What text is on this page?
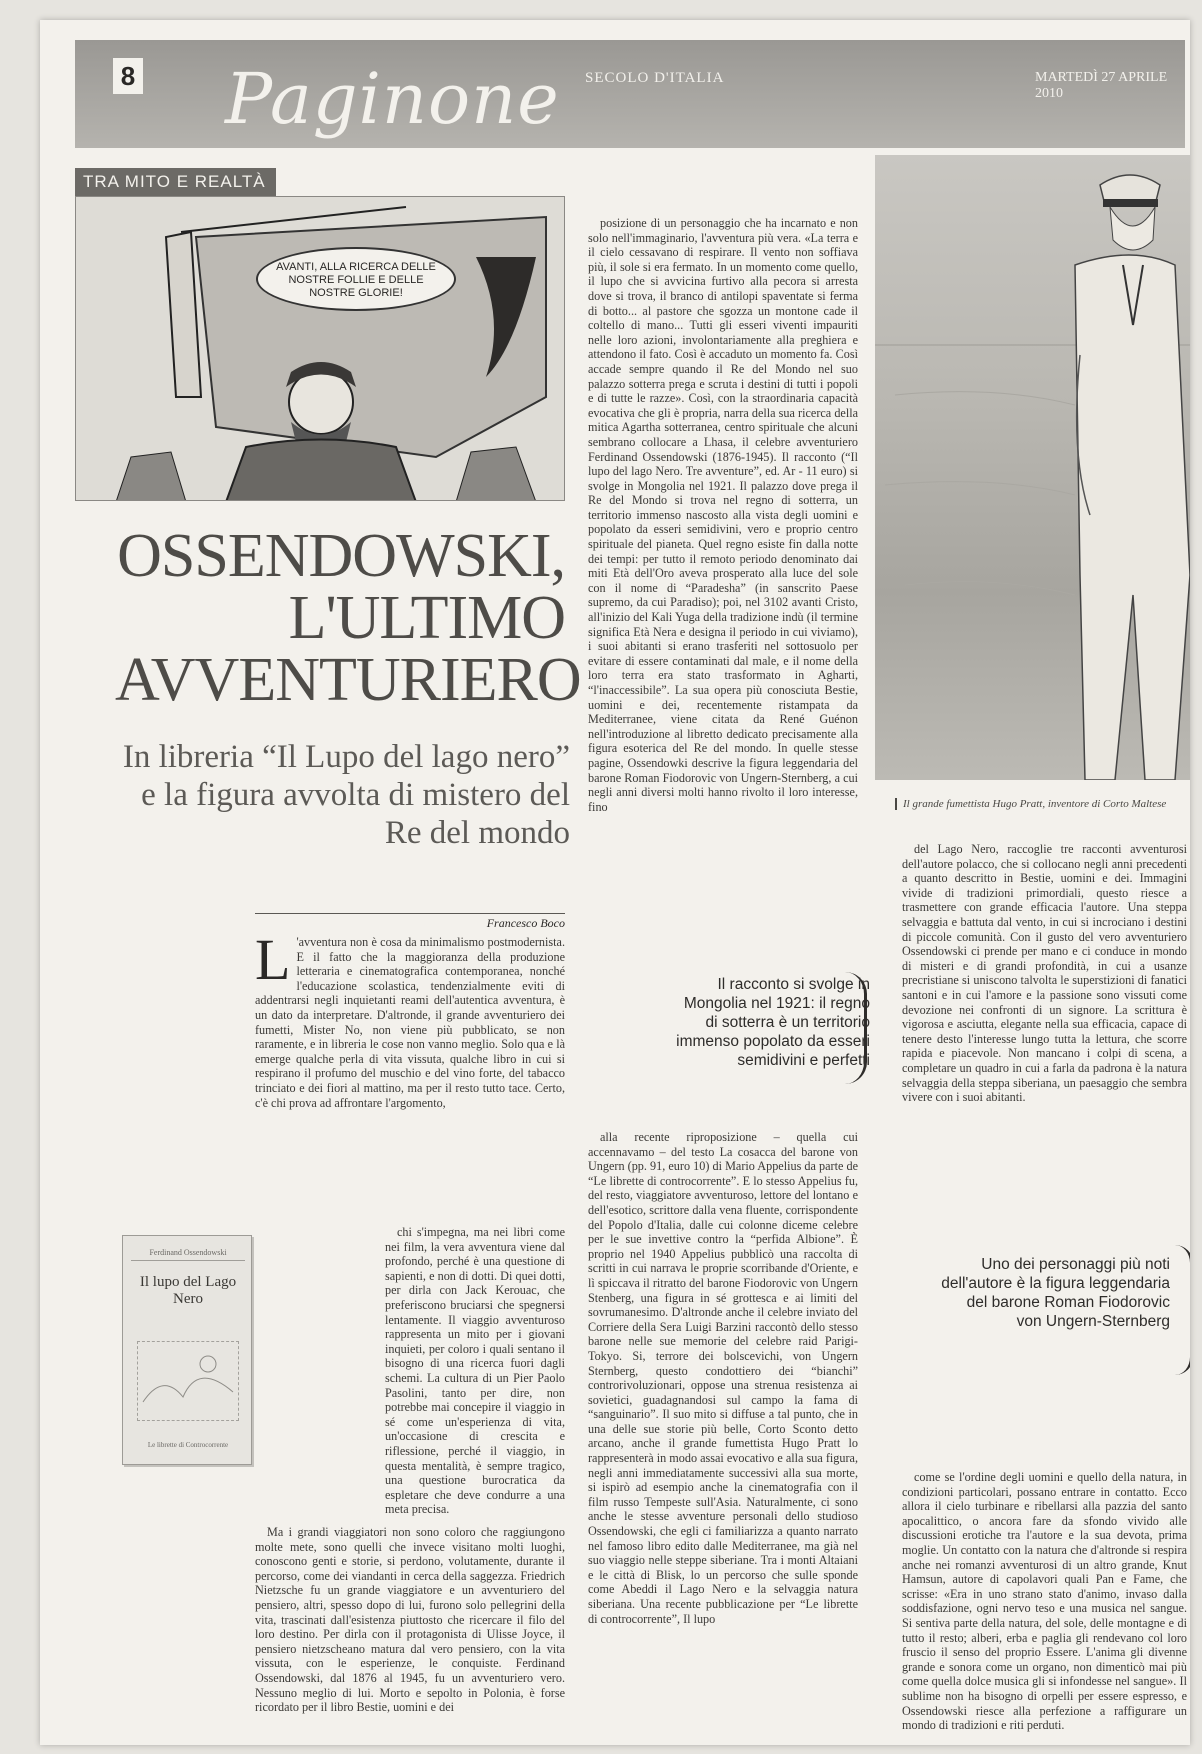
8 Paginone SECOLO D'ITALIA	MARTEDÌ 27 APRILE 2010
AVANTI, ALLA RICERCA DELLE NOSTRE FOLLIE E DELLE NOSTRE GLORIE!
TRA MITO E REALTÀ
Il grande fumettista Hugo Pratt, inventore di Corto Maltese
OSSENDOWSKI,
L'ULTIMO
AVVENTURIERO
In libreria “Il Lupo del lago nero” e la figura avvolta di mistero del Re del mondo
Francesco Boco
L 'avventura non è cosa da minimalismo postmodernista. E il fatto che la maggioranza della produzione letteraria e cinematografica contemporanea, nonché l'educazione scolastica, tendenzialmente eviti di addentrarsi negli inquietanti reami dell'autentica avventura, è un dato da interpretare. D'altronde, il grande avventuriero dei fumetti, Mister No, non viene più pubblicato, se non raramente, e in libreria le cose non vanno meglio. Solo qua e là emerge qualche perla di vita vissuta, qualche libro in cui si respirano il profumo del muschio e del vino forte, del tabacco trinciato e dei fiori al mattino, ma per il resto tutto tace. Certo, c'è chi prova ad affrontare l'argomento,
Ferdinand Ossendowski
Il lupo del Lago Nero
Le librette di Controcorrente

chi s'impegna, ma nei libri come nei film, la vera avventura viene dal profondo, perché è una questione di sapienti, e non di dotti. Di quei dotti, per dirla con Jack Kerouac, che preferiscono bruciarsi che spegnersi lentamente. Il viaggio avventuroso rappresenta un mito per i giovani inquieti, per coloro i quali sentano il bisogno di una ricerca fuori dagli schemi. La cultura di un Pier Paolo Pasolini, tanto per dire, non potrebbe mai concepire il viaggio in sé come un'esperienza di vita, un'occasione di crescita e riflessione, perché il viaggio, in questa mentalità, è sempre tragico, una questione burocratica da espletare che deve condurre a una meta precisa.

Ma i grandi viaggiatori non sono coloro che raggiungono molte mete, sono quelli che invece visitano molti luoghi, conoscono genti e storie, si perdono, volutamente, durante il percorso, come dei viandanti in cerca della saggezza. Friedrich Nietzsche fu un grande viaggiatore e un avventuriero del pensiero, altri, spesso dopo di lui, furono solo pellegrini della vita, trascinati dall'esistenza piuttosto che ricercare il filo del loro destino. Per dirla con il protagonista di Ulisse Joyce, il pensiero nietzscheano matura dal vero pensiero, con la vita vissuta, con le esperienze, le conquiste. Ferdinand Ossendowski, dal 1876 al 1945, fu un avventuriero vero. Nessuno meglio di lui. Morto e sepolto in Polonia, è forse ricordato per il libro Bestie, uomini e dei

posizione di un personaggio che ha incarnato e non solo nell'immaginario, l'avventura più vera. «La terra e il cielo cessavano di respirare. Il vento non soffiava più, il sole si era fermato. In un momento come quello, il lupo che si avvicina furtivo alla pecora si arresta dove si trova, il branco di antilopi spaventate si ferma di botto... al pastore che sgozza un montone cade il coltello di mano... Tutti gli esseri viventi impauriti nelle loro azioni, involontariamente alla preghiera e attendono il fato. Così è accaduto un momento fa. Così accade sempre quando il Re del Mondo nel suo palazzo sotterra prega e scruta i destini di tutti i popoli e di tutte le razze». Così, con la straordinaria capacità evocativa che gli è propria, narra della sua ricerca della mitica Agartha sotterranea, centro spirituale che alcuni sembrano collocare a Lhasa, il celebre avventuriero Ferdinand Ossendowski (1876-1945). Il racconto (“Il lupo del lago Nero. Tre avventure”, ed. Ar - 11 euro) si svolge in Mongolia nel 1921. Il palazzo dove prega il Re del Mondo si trova nel regno di sotterra, un territorio immenso nascosto alla vista degli uomini e popolato da esseri semidivini, vero e proprio centro spirituale del pianeta. Quel regno esiste fin dalla notte dei tempi: per tutto il remoto periodo denominato dai miti Età dell'Oro aveva prosperato alla luce del sole con il nome di “Paradesha” (in sanscrito Paese supremo, da cui Paradiso); poi, nel 3102 avanti Cristo, all'inizio del Kali Yuga della tradizione indù (il termine significa Età Nera e designa il periodo in cui viviamo), i suoi abitanti si erano trasferiti nel sottosuolo per evitare di essere contaminati dal male, e il nome della loro terra era stato trasformato in Agharti, “l'inaccessibile”. La sua opera più conosciuta Bestie, uomini e dei, recentemente ristampata da Mediterranee, viene citata da René Guénon nell'introduzione al libretto dedicato precisamente alla figura esoterica del Re del mondo. In quelle stesse pagine, Ossendowki descrive la figura leggendaria del barone Roman Fiodorovic von Ungern-Sternberg, a cui negli anni diversi molti hanno rivolto il loro interesse, fino

Il racconto si svolge in Mongolia nel 1921: il regno di sotterra è un territorio immenso popolato da esseri semidivini e perfetti

alla recente riproposizione – quella cui accennavamo – del testo La cosacca del barone von Ungern (pp. 91, euro 10) di Mario Appelius da parte de “Le librette di controcorrente”. E lo stesso Appelius fu, del resto, viaggiatore avventuroso, lettore del lontano e dell'esotico, scrittore dalla vena fluente, corrispondente del Popolo d'Italia, dalle cui colonne diceme celebre per le sue invettive contro la “perfida Albione”. È proprio nel 1940 Appelius pubblicò una raccolta di scritti in cui narrava le proprie scorribande d'Oriente, e lì spiccava il ritratto del barone Fiodorovic von Ungern Stenberg, una figura in sé grottesca e ai limiti del sovrumanesimo. D'altronde anche il celebre inviato del Corriere della Sera Luigi Barzini raccontò dello stesso barone nelle sue memorie del celebre raid Parigi-Tokyo. Si, terrore dei bolscevichi, von Ungern Sternberg, questo condottiero dei “bianchi” controrivoluzionari, oppose una strenua resistenza ai sovietici, guadagnandosi sul campo la fama di “sanguinario”. Il suo mito si diffuse a tal punto, che in una delle sue storie più belle, Corto Sconto detto arcano, anche il grande fumettista Hugo Pratt lo rappresenterà in modo assai evocativo e alla sua figura, negli anni immediatamente successivi alla sua morte, si ispirò ad esempio anche la cinematografia con il film russo Tempeste sull'Asia. Naturalmente, ci sono anche le stesse avventure personali dello studioso Ossendowski, che egli ci familiarizza a quanto narrato nel famoso libro edito dalle Mediterranee, ma già nel suo viaggio nelle steppe siberiane. Tra i monti Altaiani e le città di Blisk, lo un percorso che sulle sponde come Abeddi il Lago Nero e la selvaggia natura siberiana. Una recente pubblicazione per “Le librette di controcorrente”, Il lupo

del Lago Nero, raccoglie tre racconti avventurosi dell'autore polacco, che si collocano negli anni precedenti a quanto descritto in Bestie, uomini e dei. Immagini vivide di tradizioni primordiali, questo riesce a trasmettere con grande efficacia l'autore. Una steppa selvaggia e battuta dal vento, in cui si incrociano i destini di piccole comunità. Con il gusto del vero avventuriero Ossendowski ci prende per mano e ci conduce in mondo di misteri e di grandi profondità, in cui a usanze precristiane si uniscono talvolta le superstizioni di fanatici santoni e in cui l'amore e la passione sono vissuti come devozione nei confronti di un signore. La scrittura è vigorosa e asciutta, elegante nella sua efficacia, capace di tenere desto l'interesse lungo tutta la lettura, che scorre rapida e piacevole. Non mancano i colpi di scena, a completare un quadro in cui a farla da padrona è la natura selvaggia della steppa siberiana, un paesaggio che sembra vivere con i suoi abitanti.

Uno dei personaggi più noti dell'autore è la figura leggendaria del barone Roman Fiodorovic von Ungern-Sternberg

come se l'ordine degli uomini e quello della natura, in condizioni particolari, possano entrare in contatto. Ecco allora il cielo turbinare e ribellarsi alla pazzia del santo apocalittico, o ancora fare da sfondo vivido alle discussioni erotiche tra l'autore e la sua devota, prima moglie. Un contatto con la natura che d'altronde si respira anche nei romanzi avventurosi di un altro grande, Knut Hamsun, autore di capolavori quali Pan e Fame, che scrisse: «Era in uno strano stato d'animo, invaso dalla soddisfazione, ogni nervo teso e una musica nel sangue. Si sentiva parte della natura, del sole, delle montagne e di tutto il resto; alberi, erba e paglia gli rendevano col loro fruscio il senso del proprio Essere. L'anima gli divenne grande e sonora come un organo, non dimenticò mai più come quella dolce musica gli si infondesse nel sangue». Il sublime non ha bisogno di orpelli per essere espresso, e Ossendowski riesce alla perfezione a raffigurare un mondo di tradizioni e riti perduti.
